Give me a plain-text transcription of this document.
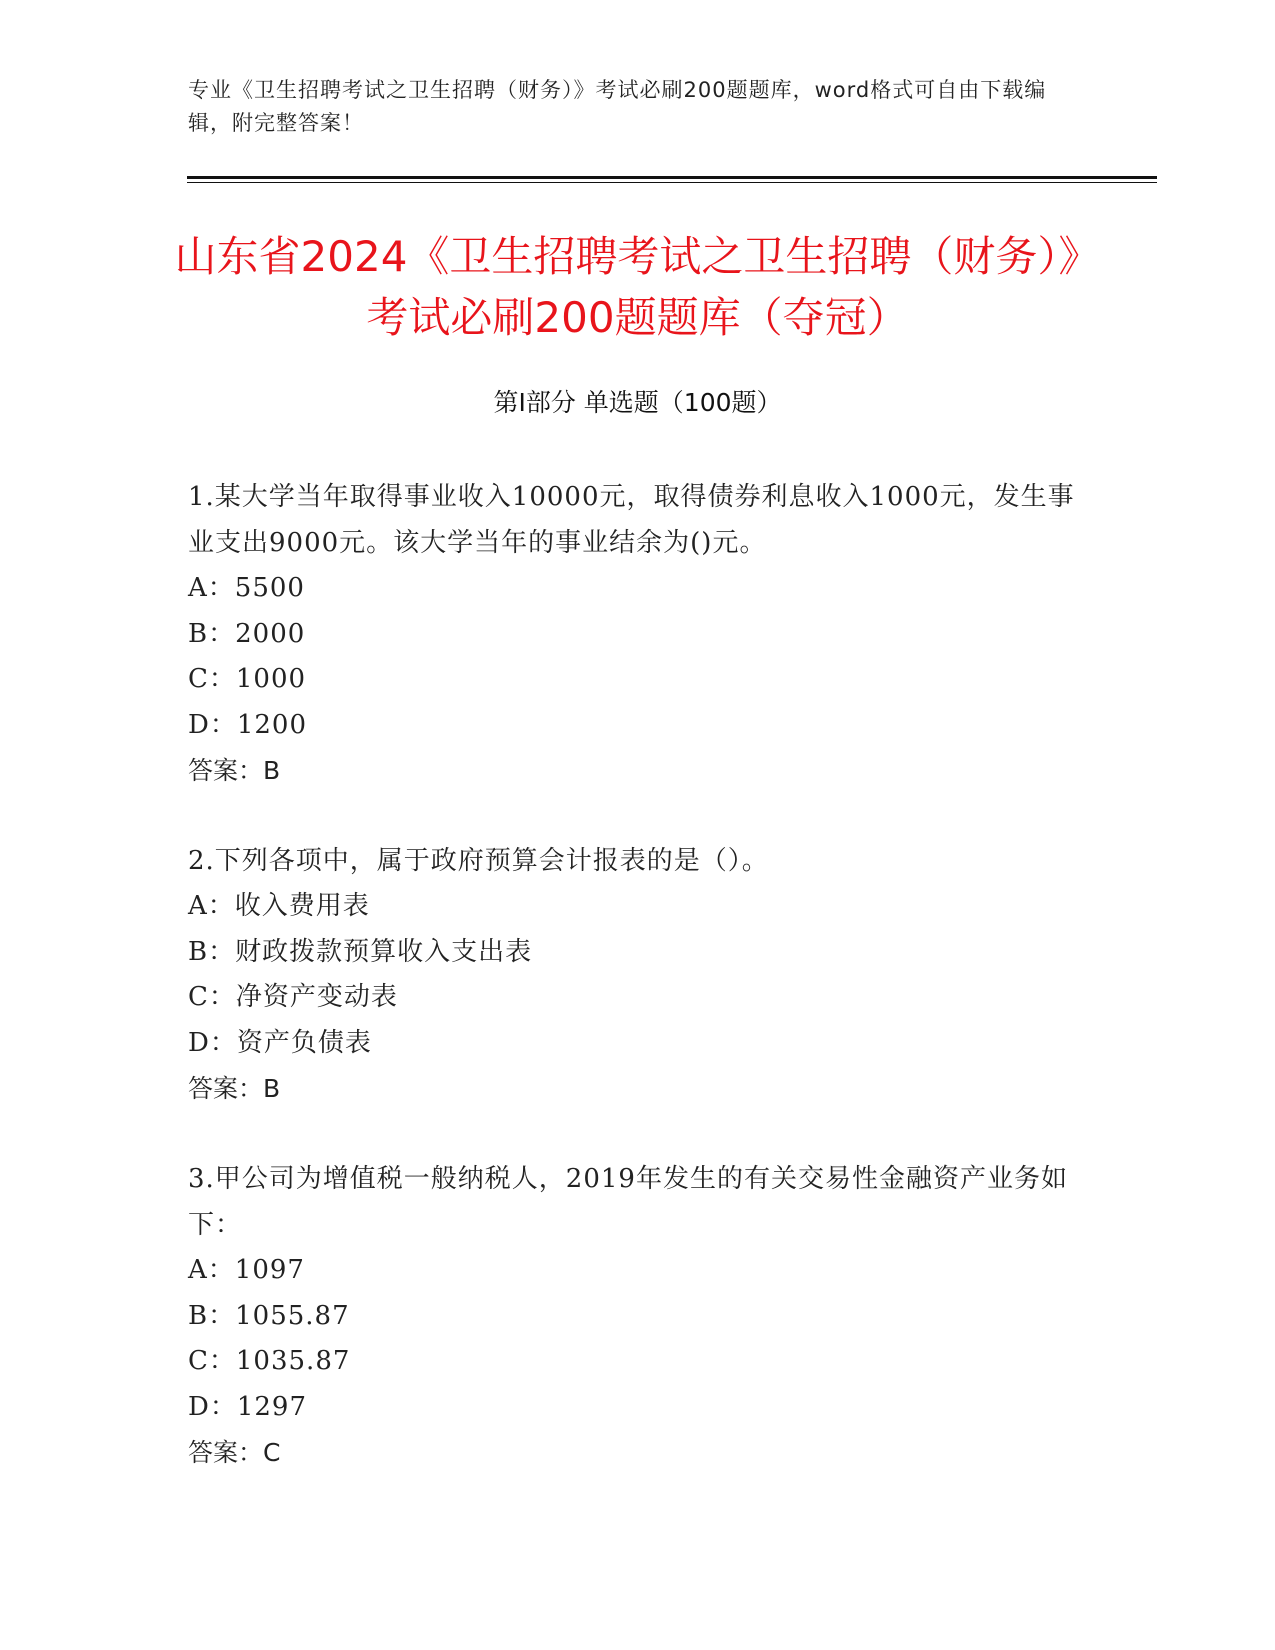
专业《卫生招聘考试之卫生招聘（财务）》考试必刷200题题库，word格式可自由下载编辑，附完整答案！
山东省2024《卫生招聘考试之卫生招聘（财务）》考试必刷200题题库（夺冠）
第I部分 单选题（100题）
1.某大学当年取得事业收入10000元，取得债券利息收入1000元，发生事业支出9000元。该大学当年的事业结余为()元。
A：5500
B：2000
C：1000
D：1200
答案：B
2.下列各项中，属于政府预算会计报表的是（）。
A：收入费用表
B：财政拨款预算收入支出表
C：净资产变动表
D：资产负债表
答案：B
3.甲公司为增值税一般纳税人，2019年发生的有关交易性金融资产业务如下：
A：1097
B：1055.87
C：1035.87
D：1297
答案：C
